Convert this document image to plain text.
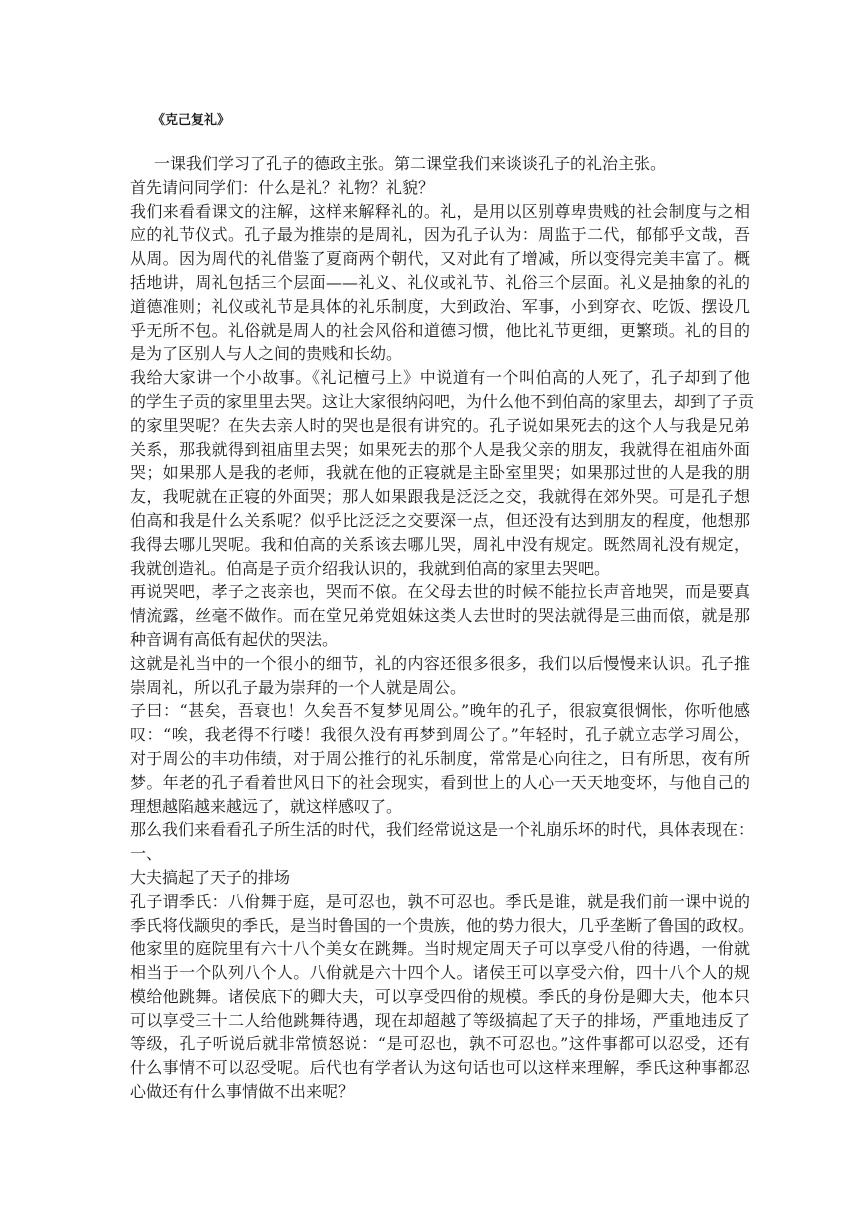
《克己复礼》
一课我们学习了孔子的德政主张。第二课堂我们来谈谈孔子的礼治主张。
首先请问同学们：什么是礼？礼物？礼貌？
我们来看看课文的注解，这样来解释礼的。礼，是用以区别尊卑贵贱的社会制度与之相
应的礼节仪式。孔子最为推崇的是周礼，因为孔子认为：周监于二代，郁郁乎文哉，吾
从周。因为周代的礼借鉴了夏商两个朝代，又对此有了增减，所以变得完美丰富了。概
括地讲，周礼包括三个层面——礼义、礼仪或礼节、礼俗三个层面。礼义是抽象的礼的
道德准则；礼仪或礼节是具体的礼乐制度，大到政治、军事，小到穿衣、吃饭、摆设几
乎无所不包。礼俗就是周人的社会风俗和道德习惯，他比礼节更细，更繁琐。礼的目的
是为了区别人与人之间的贵贱和长幼。
我给大家讲一个小故事。《礼记檀弓上》中说道有一个叫伯高的人死了，孔子却到了他
的学生子贡的家里里去哭。这让大家很纳闷吧，为什么他不到伯高的家里去，却到了子贡
的家里哭呢？在失去亲人时的哭也是很有讲究的。孔子说如果死去的这个人与我是兄弟
关系，那我就得到祖庙里去哭；如果死去的那个人是我父亲的朋友，我就得在祖庙外面
哭；如果那人是我的老师，我就在他的正寝就是主卧室里哭；如果那过世的人是我的朋
友，我呢就在正寝的外面哭；那人如果跟我是泛泛之交，我就得在郊外哭。可是孔子想
伯高和我是什么关系呢？似乎比泛泛之交要深一点，但还没有达到朋友的程度，他想那
我得去哪儿哭呢。我和伯高的关系该去哪儿哭，周礼中没有规定。既然周礼没有规定，
我就创造礼。伯高是子贡介绍我认识的，我就到伯高的家里去哭吧。
再说哭吧，孝子之丧亲也，哭而不偯。在父母去世的时候不能拉长声音地哭，而是要真
情流露，丝毫不做作。而在堂兄弟党姐妹这类人去世时的哭法就得是三曲而偯，就是那
种音调有高低有起伏的哭法。
这就是礼当中的一个很小的细节，礼的内容还很多很多，我们以后慢慢来认识。孔子推
崇周礼，所以孔子最为崇拜的一个人就是周公。
子曰：“甚矣，吾衰也！久矣吾不复梦见周公。”晚年的孔子，很寂寞很惆怅，你听他感
叹：“唉，我老得不行喽！我很久没有再梦到周公了。”年轻时，孔子就立志学习周公，
对于周公的丰功伟绩，对于周公推行的礼乐制度，常常是心向往之，日有所思，夜有所
梦。年老的孔子看着世风日下的社会现实，看到世上的人心一天天地变坏，与他自己的
理想越陷越来越远了，就这样感叹了。
那么我们来看看孔子所生活的时代，我们经常说这是一个礼崩乐坏的时代，具体表现在：
一、
大夫搞起了天子的排场
孔子谓季氏：八佾舞于庭，是可忍也，孰不可忍也。季氏是谁，就是我们前一课中说的
季氏将伐颛臾的季氏，是当时鲁国的一个贵族，他的势力很大，几乎垄断了鲁国的政权。
他家里的庭院里有六十八个美女在跳舞。当时规定周天子可以享受八佾的待遇，一佾就
相当于一个队列八个人。八佾就是六十四个人。诸侯王可以享受六佾，四十八个人的规
模给他跳舞。诸侯底下的卿大夫，可以享受四佾的规模。季氏的身份是卿大夫，他本只
可以享受三十二人给他跳舞待遇，现在却超越了等级搞起了天子的排场，严重地违反了
等级，孔子听说后就非常愤怒说：“是可忍也，孰不可忍也。”这件事都可以忍受，还有
什么事情不可以忍受呢。后代也有学者认为这句话也可以这样来理解，季氏这种事都忍
心做还有什么事情做不出来呢？
